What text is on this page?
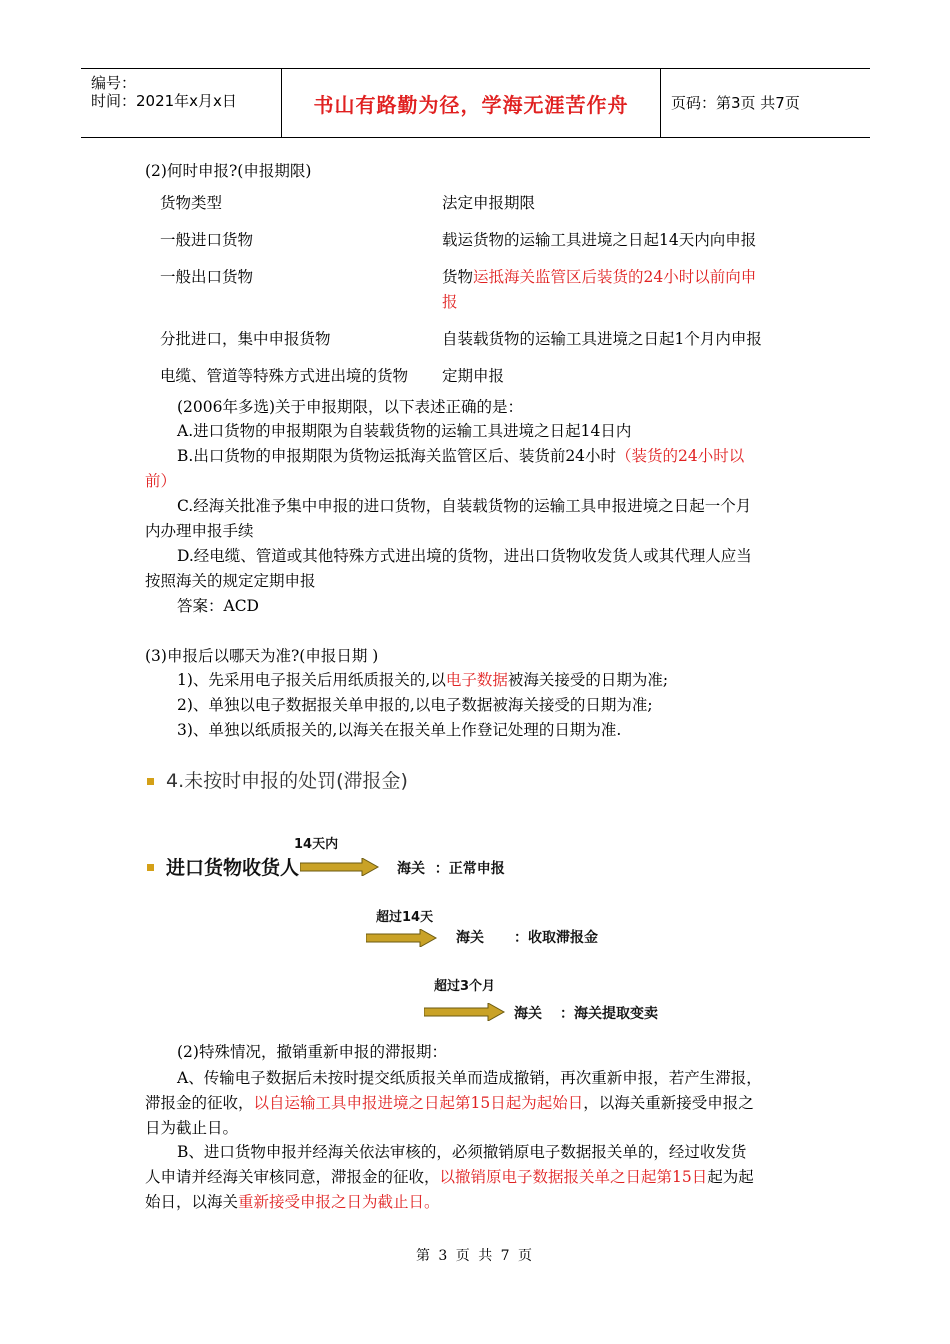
编号：
时间：2021年x月x日	书山有路勤为径，学海无涯苦作舟	页码：第3页 共7页
(2)何时申报?(申报期限)
货物类型	法定申报期限
一般进口货物	载运货物的运输工具进境之日起14天内向申报
一般出口货物	货物运抵海关监管区后装货的24小时以前向申
报
分批进口，集中申报货物	自装载货物的运输工具进境之日起1个月内申报
电缆、管道等特殊方式进出境的货物 定期申报
(2006年多选)关于申报期限，以下表述正确的是：
A.进口货物的申报期限为自装载货物的运输工具进境之日起14日内
B.出口货物的申报期限为货物运抵海关监管区后、装货前24小时（装货的24小时以
前）
C.经海关批准予集中申报的进口货物，自装载货物的运输工具申报进境之日起一个月
内办理申报手续
D.经电缆、管道或其他特殊方式进出境的货物，进出口货物收发货人或其代理人应当
按照海关的规定定期申报
答案：ACD
(3)申报后以哪天为准?(申报日期 )
1)、先采用电子报关后用纸质报关的,以电子数据被海关接受的日期为准;
2)、单独以电子数据报关单申报的,以电子数据被海关接受的日期为准;
3)、单独以纸质报关的,以海关在报关单上作登记处理的日期为准.
4.未按时申报的处罚(滞报金)
进口货物收货人
14天内
海关  ：正常申报
超过14天
海关 ：收取滞报金
超过3个月
海关 ：海关提取变卖
(2)特殊情况，撤销重新申报的滞报期：
A、传输电子数据后未按时提交纸质报关单而造成撤销，再次重新申报，若产生滞报，
滞报金的征收，以自运输工具申报进境之日起第15日起为起始日，以海关重新接受申报之
日为截止日。
B、进口货物申报并经海关依法审核的，必须撤销原电子数据报关单的，经过收发货
人申请并经海关审核同意，滞报金的征收，以撤销原电子数据报关单之日起第15日起为起
始日，以海关重新接受申报之日为截止日。
第 3 页 共 7 页
